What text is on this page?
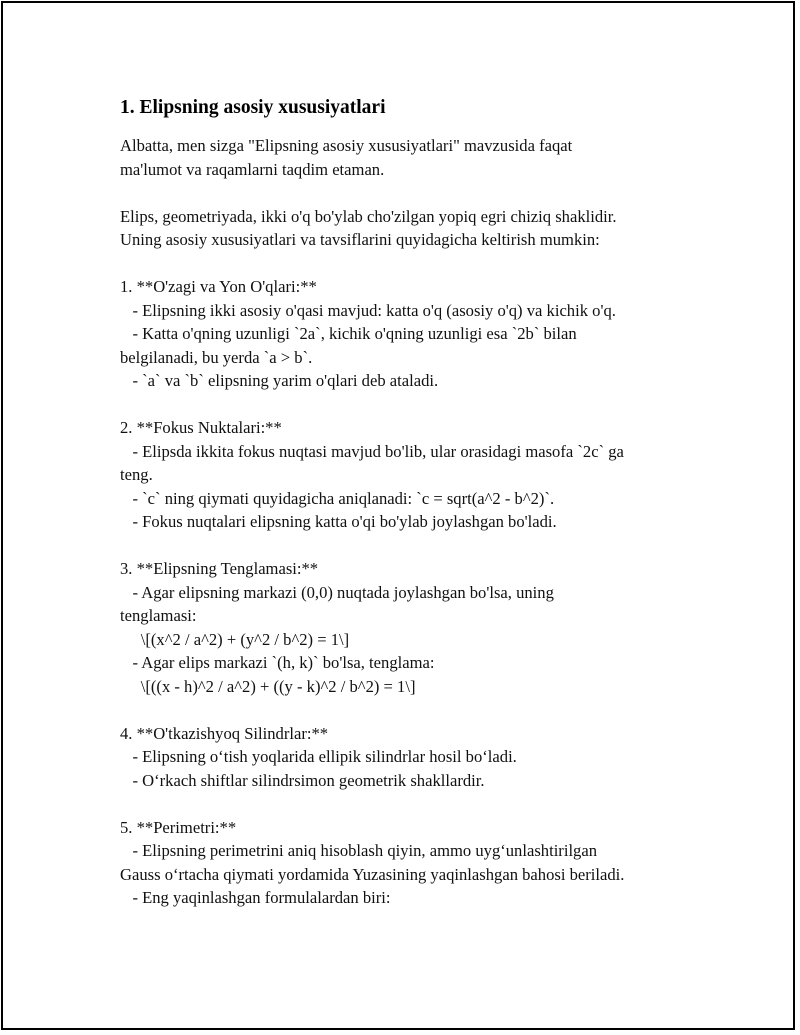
1. Elipsning asosiy xususiyatlari
Albatta, men sizga "Elipsning asosiy xususiyatlari" mavzusida faqat
ma'lumot va raqamlarni taqdim etaman.
Elips, geometriyada, ikki o'q bo'ylab cho'zilgan yopiq egri chiziq shaklidir.
Uning asosiy xususiyatlari va tavsiflarini quyidagicha keltirish mumkin:
1. **O'zagi va Yon O'qlari:**
- Elipsning ikki asosiy o'qasi mavjud: katta o'q (asosiy o'q) va kichik o'q.
- Katta o'qning uzunligi `2a`, kichik o'qning uzunligi esa `2b` bilan
belgilanadi, bu yerda `a > b`.
- `a` va `b` elipsning yarim o'qlari deb ataladi.
2. **Fokus Nuktalari:**
- Elipsda ikkita fokus nuqtasi mavjud bo'lib, ular orasidagi masofa `2c` ga
teng.
- `c` ning qiymati quyidagicha aniqlanadi: `c = sqrt(a^2 - b^2)`.
- Fokus nuqtalari elipsning katta o'qi bo'ylab joylashgan bo'ladi.
3. **Elipsning Tenglamasi:**
- Agar elipsning markazi (0,0) nuqtada joylashgan bo'lsa, uning
tenglamasi:
\[(x^2 / a^2) + (y^2 / b^2) = 1\]
- Agar elips markazi `(h, k)` bo'lsa, tenglama:
\[((x - h)^2 / a^2) + ((y - k)^2 / b^2) = 1\]
4. **O'tkazishyoq Silindrlar:**
- Elipsning o‘tish yoqlarida ellipik silindrlar hosil bo‘ladi.
- O‘rkach shiftlar silindrsimon geometrik shakllardir.
5. **Perimetri:**
- Elipsning perimetrini aniq hisoblash qiyin, ammo uyg‘unlashtirilgan
Gauss o‘rtacha qiymati yordamida Yuzasining yaqinlashgan bahosi beriladi.
- Eng yaqinlashgan formulalardan biri:
